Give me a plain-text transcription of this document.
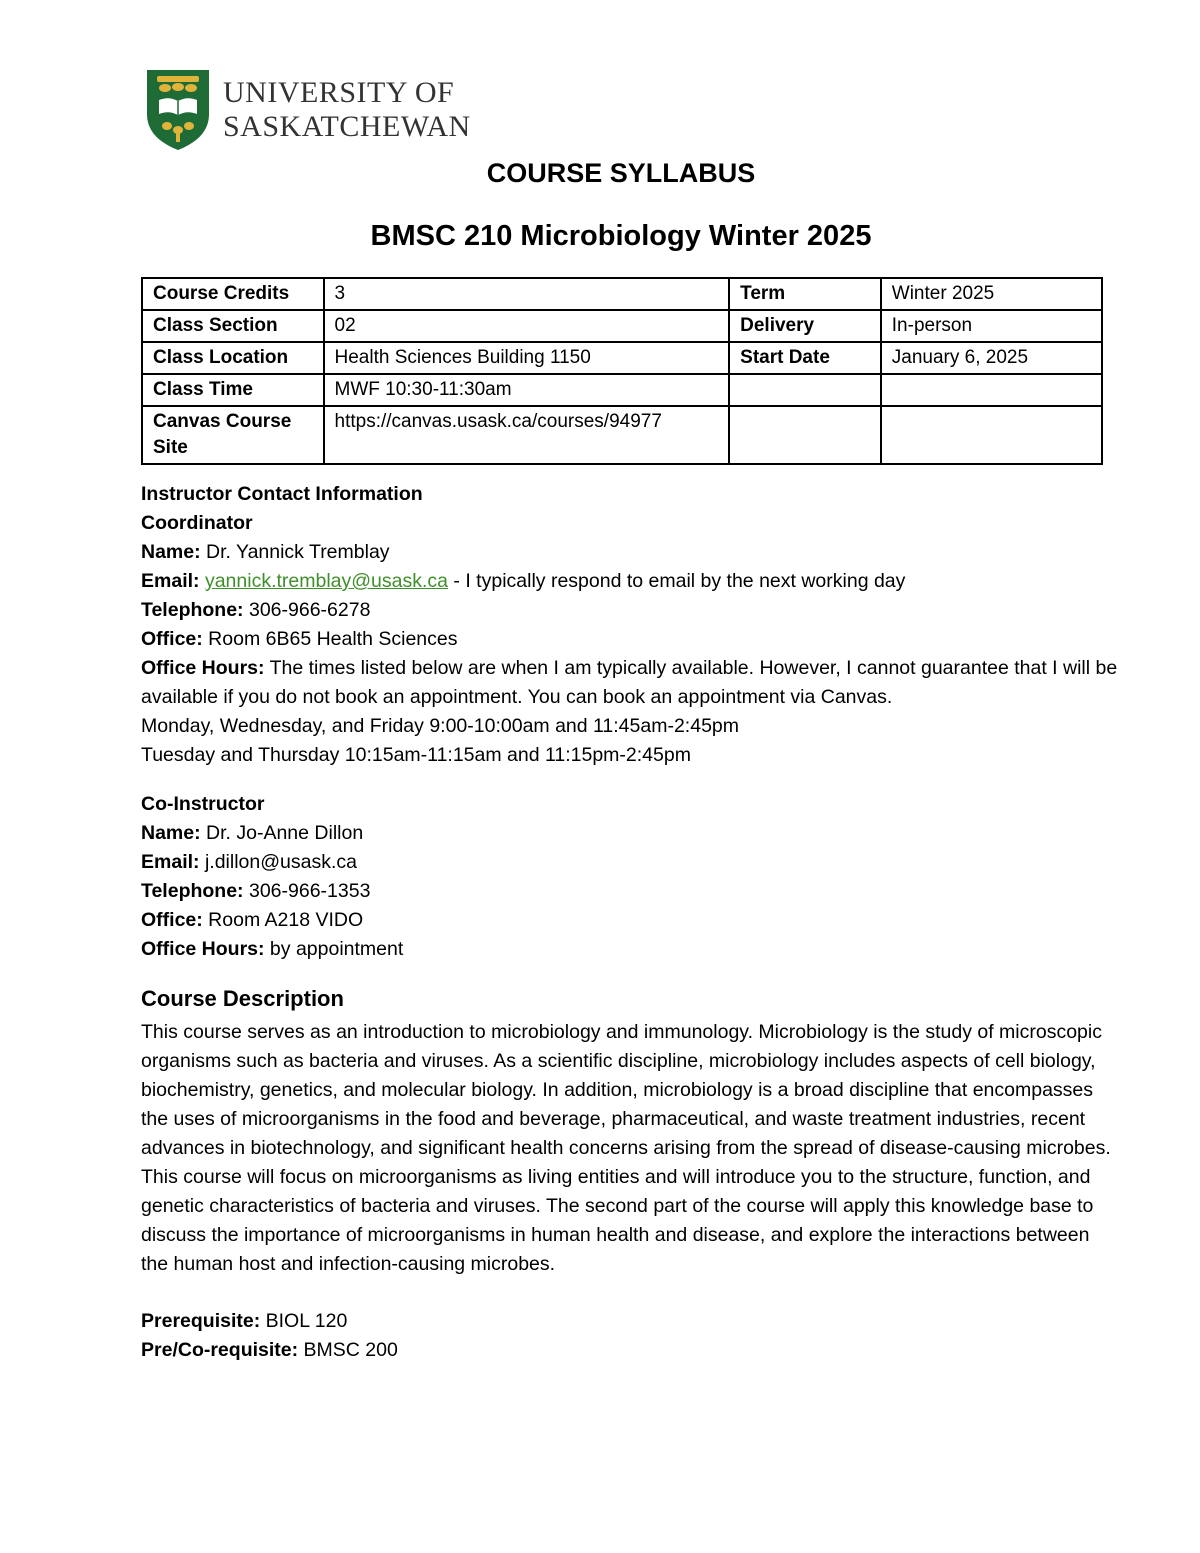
UNIVERSITY OF
SASKATCHEWAN
COURSE SYLLABUS
BMSC 210 Microbiology Winter 2025
Course Credits	3	Term	Winter 2025
Class Section	02	Delivery	In-person
Class Location	Health Sciences Building 1150	Start Date	January 6, 2025
Class Time	MWF 10:30-11:30am		
Canvas Course Site	https://canvas.usask.ca/courses/94977		

Instructor Contact Information

Coordinator

Name: Dr. Yannick Tremblay

Email: yannick.tremblay@usask.ca - I typically respond to email by the next working day

Telephone: 306-966-6278

Office: Room 6B65 Health Sciences

Office Hours: The times listed below are when I am typically available. However, I cannot guarantee that I will be available if you do not book an appointment. You can book an appointment via Canvas.

Monday, Wednesday, and Friday 9:00-10:00am and 11:45am-2:45pm

Tuesday and Thursday 10:15am-11:15am and 11:15pm-2:45pm

Co-Instructor

Name: Dr. Jo-Anne Dillon

Email: j.dillon@usask.ca

Telephone: 306-966-1353

Office: Room A218 VIDO

Office Hours: by appointment

Course Description

This course serves as an introduction to microbiology and immunology. Microbiology is the study of microscopic organisms such as bacteria and viruses. As a scientific discipline, microbiology includes aspects of cell biology, biochemistry, genetics, and molecular biology. In addition, microbiology is a broad discipline that encompasses the uses of microorganisms in the food and beverage, pharmaceutical, and waste treatment industries, recent advances in biotechnology, and significant health concerns arising from the spread of disease-causing microbes.

This course will focus on microorganisms as living entities and will introduce you to the structure, function, and genetic characteristics of bacteria and viruses. The second part of the course will apply this knowledge base to discuss the importance of microorganisms in human health and disease, and explore the interactions between the human host and infection-causing microbes.

Prerequisite: BIOL 120

Pre/Co-requisite: BMSC 200
